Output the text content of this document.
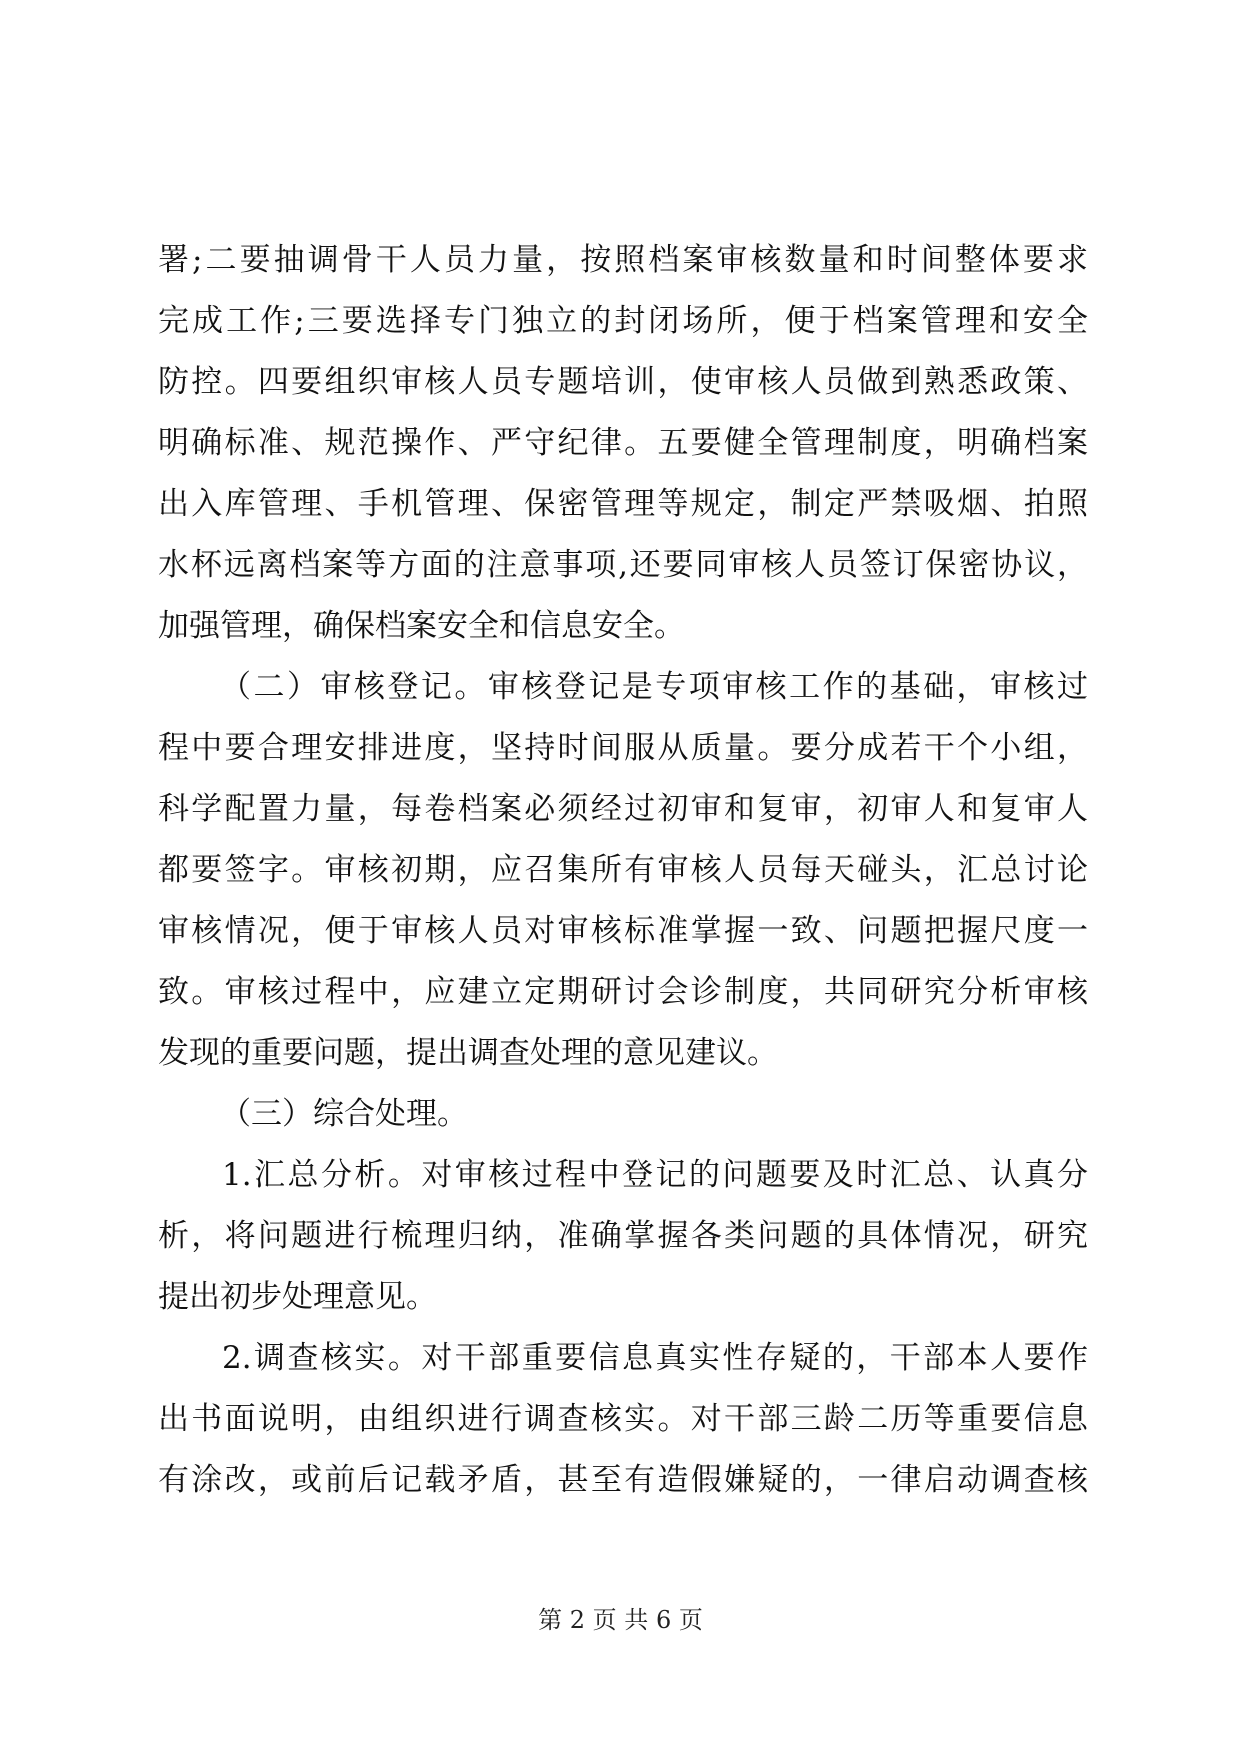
署;二要抽调骨干人员力量，按照档案审核数量和时间整体要求
完成工作;三要选择专门独立的封闭场所，便于档案管理和安全
防控。四要组织审核人员专题培训，使审核人员做到熟悉政策、
明确标准、规范操作、严守纪律。五要健全管理制度，明确档案
出入库管理、手机管理、保密管理等规定，制定严禁吸烟、拍照
水杯远离档案等方面的注意事项,还要同审核人员签订保密协议，
加强管理，确保档案安全和信息安全。
（二）审核登记。审核登记是专项审核工作的基础，审核过
程中要合理安排进度，坚持时间服从质量。要分成若干个小组，
科学配置力量，每卷档案必须经过初审和复审，初审人和复审人
都要签字。审核初期，应召集所有审核人员每天碰头，汇总讨论
审核情况，便于审核人员对审核标准掌握一致、问题把握尺度一
致。审核过程中，应建立定期研讨会诊制度，共同研究分析审核
发现的重要问题，提出调查处理的意见建议。
（三）综合处理。
1.汇总分析。对审核过程中登记的问题要及时汇总、认真分
析，将问题进行梳理归纳，准确掌握各类问题的具体情况，研究
提出初步处理意见。
2.调查核实。对干部重要信息真实性存疑的，干部本人要作
出书面说明，由组织进行调查核实。对干部三龄二历等重要信息
有涂改，或前后记载矛盾，甚至有造假嫌疑的，一律启动调查核
第 2 页 共 6 页
